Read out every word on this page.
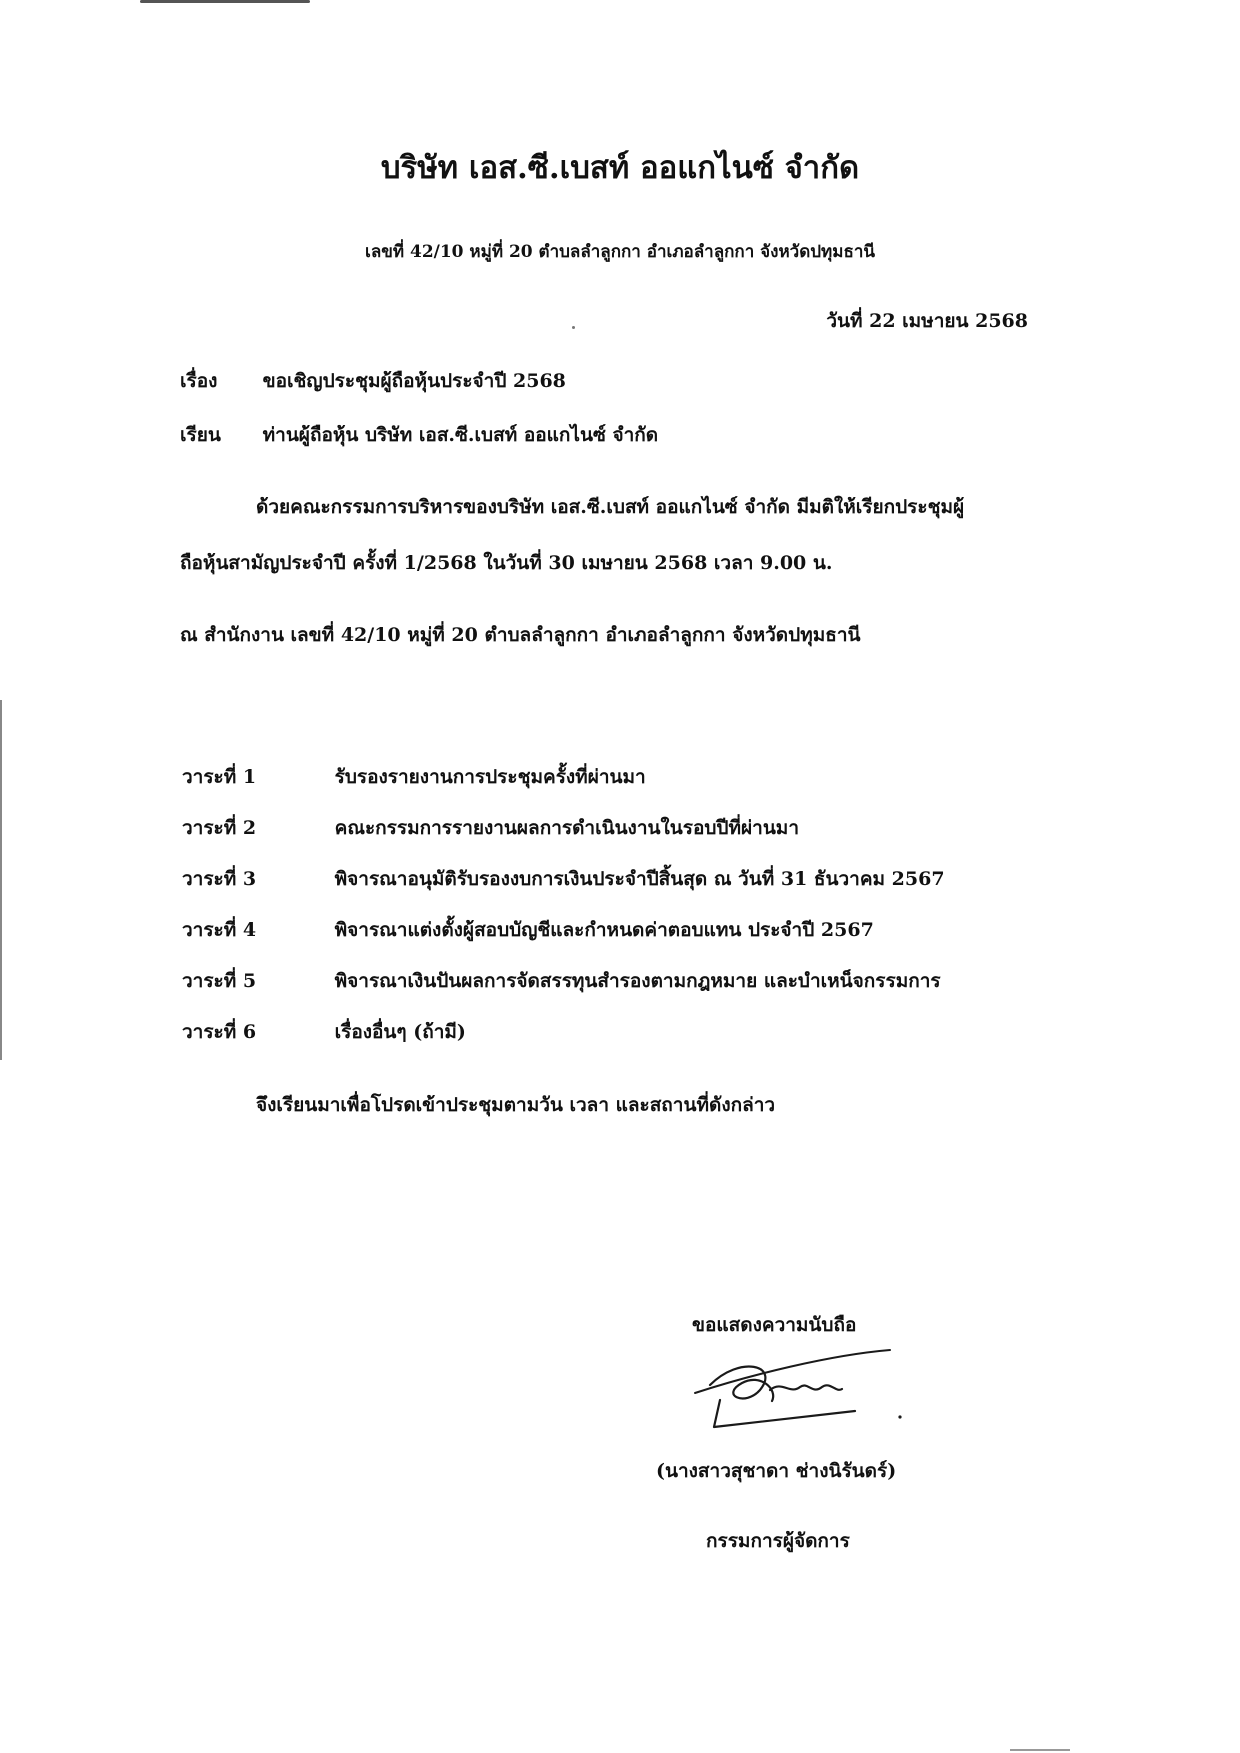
บริษัท เอส.ซี.เบสท์ ออแกไนซ์ จำกัด

เลขที่ 42/10 หมู่ที่ 20 ตำบลลำลูกกา อำเภอลำลูกกา จังหวัดปทุมธานี

วันที่ 22 เมษายน 2568
เรื่อง ขอเชิญประชุมผู้ถือหุ้นประจำปี 2568
เรียน ท่านผู้ถือหุ้น บริษัท เอส.ซี.เบสท์ ออแกไนซ์ จำกัด
ด้วยคณะกรรมการบริหารของบริษัท เอส.ซี.เบสท์ ออแกไนซ์ จำกัด มีมติให้เรียกประชุมผู้
ถือหุ้นสามัญประจำปี ครั้งที่ 1/2568 ในวันที่ 30 เมษายน 2568 เวลา 9.00 น.
ณ สำนักงาน เลขที่ 42/10 หมู่ที่ 20 ตำบลลำลูกกา อำเภอลำลูกกา จังหวัดปทุมธานี
วาระที่ 1	รับรองรายงานการประชุมครั้งที่ผ่านมา
วาระที่ 2	คณะกรรมการรายงานผลการดำเนินงานในรอบปีที่ผ่านมา
วาระที่ 3	พิจารณาอนุมัติรับรองงบการเงินประจำปีสิ้นสุด ณ วันที่ 31 ธันวาคม 2567
วาระที่ 4	พิจารณาแต่งตั้งผู้สอบบัญชีและกำหนดค่าตอบแทน ประจำปี 2567
วาระที่ 5	พิจารณาเงินปันผลการจัดสรรทุนสำรองตามกฎหมาย และบำเหน็จกรรมการ
วาระที่ 6	เรื่องอื่นๆ (ถ้ามี)
จึงเรียนมาเพื่อโปรดเข้าประชุมตามวัน เวลา และสถานที่ดังกล่าว
ขอแสดงความนับถือ
(นางสาวสุชาดา ช่างนิรันดร์)
กรรมการผู้จัดการ
